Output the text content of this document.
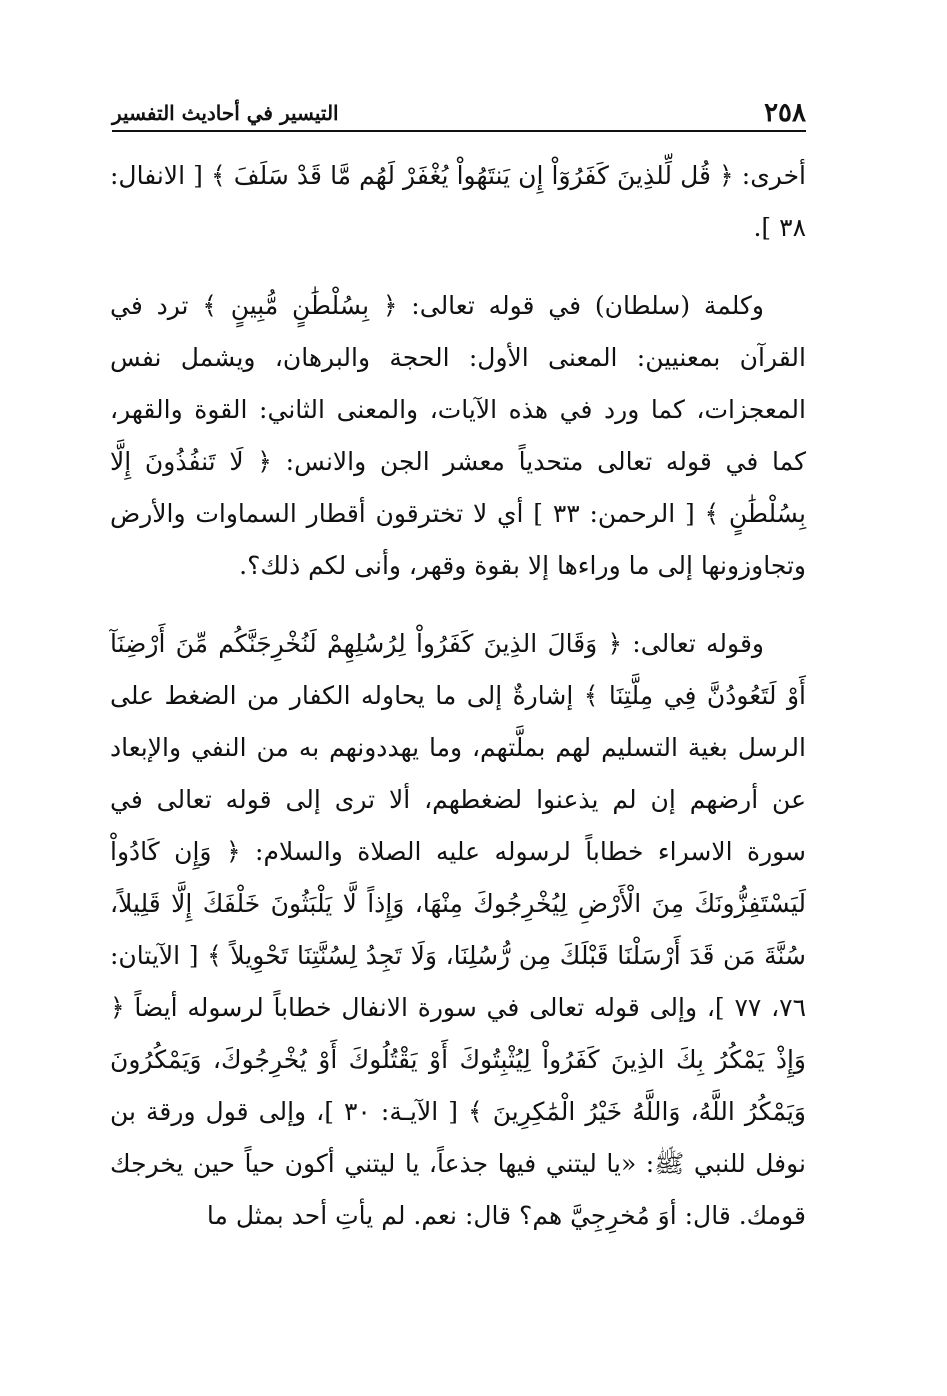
٢٥٨
التيسير في أحاديث التفسير

أخرى: ﴿ قُل لِّلذِينَ كَفَرُوٓاْ إِن يَنتَهُواْ يُغْفَرْ لَهُم مَّا قَدْ سَلَفَ ﴾ [ الانفال: ٣٨ ].

وكلمة (سلطان) في قوله تعالى: ﴿ بِسُلْطَٰنٍ مُّبِينٍ ﴾ ترد في القرآن بمعنيين: المعنى الأول: الحجة والبرهان، ويشمل نفس المعجزات، كما ورد في هذه الآيات، والمعنى الثاني: القوة والقهر، كما في قوله تعالى متحدياً معشر الجن والانس: ﴿ لَا تَنفُذُونَ إِلَّا بِسُلْطَٰنٍ ﴾ [ الرحمن: ٣٣ ] أي لا تخترقون أقطار السماوات والأرض وتجاوزونها إلى ما وراءها إلا بقوة وقهر، وأنى لكم ذلك؟.

وقوله تعالى: ﴿ وَقَالَ الذِينَ كَفَرُواْ لِرُسُلِهِمْ لَنُخْرِجَنَّكُم مِّنَ أَرْضِنَآ أَوْ لَتَعُودُنَّ فِي مِلَّتِنَا ﴾ إشارةٌ إلى ما يحاوله الكفار من الضغط على الرسل بغية التسليم لهم بملَّتهم، وما يهددونهم به من النفي والإبعاد عن أرضهم إن لم يذعنوا لضغطهم، ألا ترى إلى قوله تعالى في سورة الاسراء خطاباً لرسوله عليه الصلاة والسلام: ﴿ وَإِن كَادُواْ لَيَسْتَفِزُّونَكَ مِنَ الْأَرْضِ لِيُخْرِجُوكَ مِنْهَا، وَإِذاً لَّا يَلْبَثُونَ خَلْفَكَ إِلَّا قَلِيلاً، سُنَّةَ مَن قَدَ أَرْسَلْنَا قَبْلَكَ مِن رُّسُلِنَا، وَلَا تَجِدُ لِسُنَّتِنَا تَحْوِيلاً ﴾ [ الآيتان: ٧٦، ٧٧ ]، وإلى قوله تعالى في سورة الانفال خطاباً لرسوله أيضاً ﴿ وَإِذْ يَمْكُرُ بِكَ الذِينَ كَفَرُواْ لِيُثْبِتُوكَ أَوْ يَقْتُلُوكَ أَوْ يُخْرِجُوكَ، وَيَمْكُرُونَ وَيَمْكُرُ اللَّهُ، وَاللَّهُ خَيْرُ الْمَٰكِرِينَ ﴾ [ الآيـة: ٣٠ ]، وإلى قول ورقة بن نوفل للنبي ﷺ: «يا ليتني فيها جذعاً، يا ليتني أكون حياً حين يخرجك قومك. قال: أوَ مُخرِجِيَّ هم؟ قال: نعم. لم يأتِ أحد بمثل ما
